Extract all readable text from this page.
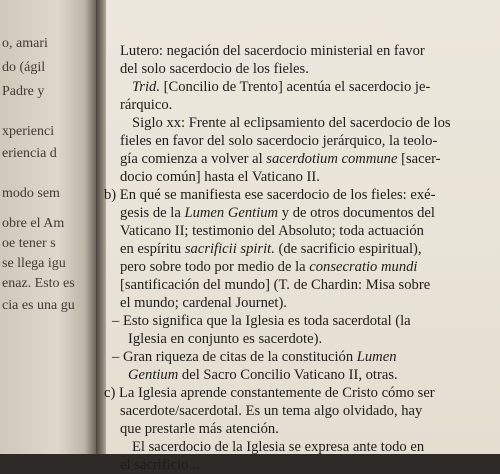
o, amari
do (ágil
Padre y
xperienci
eriencia d
modo sem
obre el Am
oe tener s
se llega igu
enaz. Esto es
cia es una gu
Lutero: negación del sacerdocio ministerial en favor
del solo sacerdocio de los fieles.
Trid. [Concilio de Trento] acentúa el sacerdocio je-
rárquico.
Siglo xx: Frente al eclipsamiento del sacerdocio de los
fieles en favor del solo sacerdocio jerárquico, la teolo-
gía comienza a volver al sacerdotium commune [sacer-
docio común] hasta el Vaticano II.
b) En qué se manifiesta ese sacerdocio de los fieles: exé-
gesis de la Lumen Gentium y de otros documentos del
Vaticano II; testimonio del Absoluto; toda actuación
en espíritu sacrificii spirit. (de sacrificio espiritual),
pero sobre todo por medio de la consecratio mundi
[santificación del mundo] (T. de Chardin: Misa sobre
el mundo; cardenal Journet).
– Esto significa que la Iglesia es toda sacerdotal (la
Iglesia en conjunto es sacerdote).
– Gran riqueza de citas de la constitución Lumen
Gentium del Sacro Concilio Vaticano II, otras.
c) La Iglesia aprende constantemente de Cristo cómo ser
sacerdote/sacerdotal. Es un tema algo olvidado, hay
que prestarle más atención.
El sacerdocio de la Iglesia se expresa ante todo en
el sacrificio...
